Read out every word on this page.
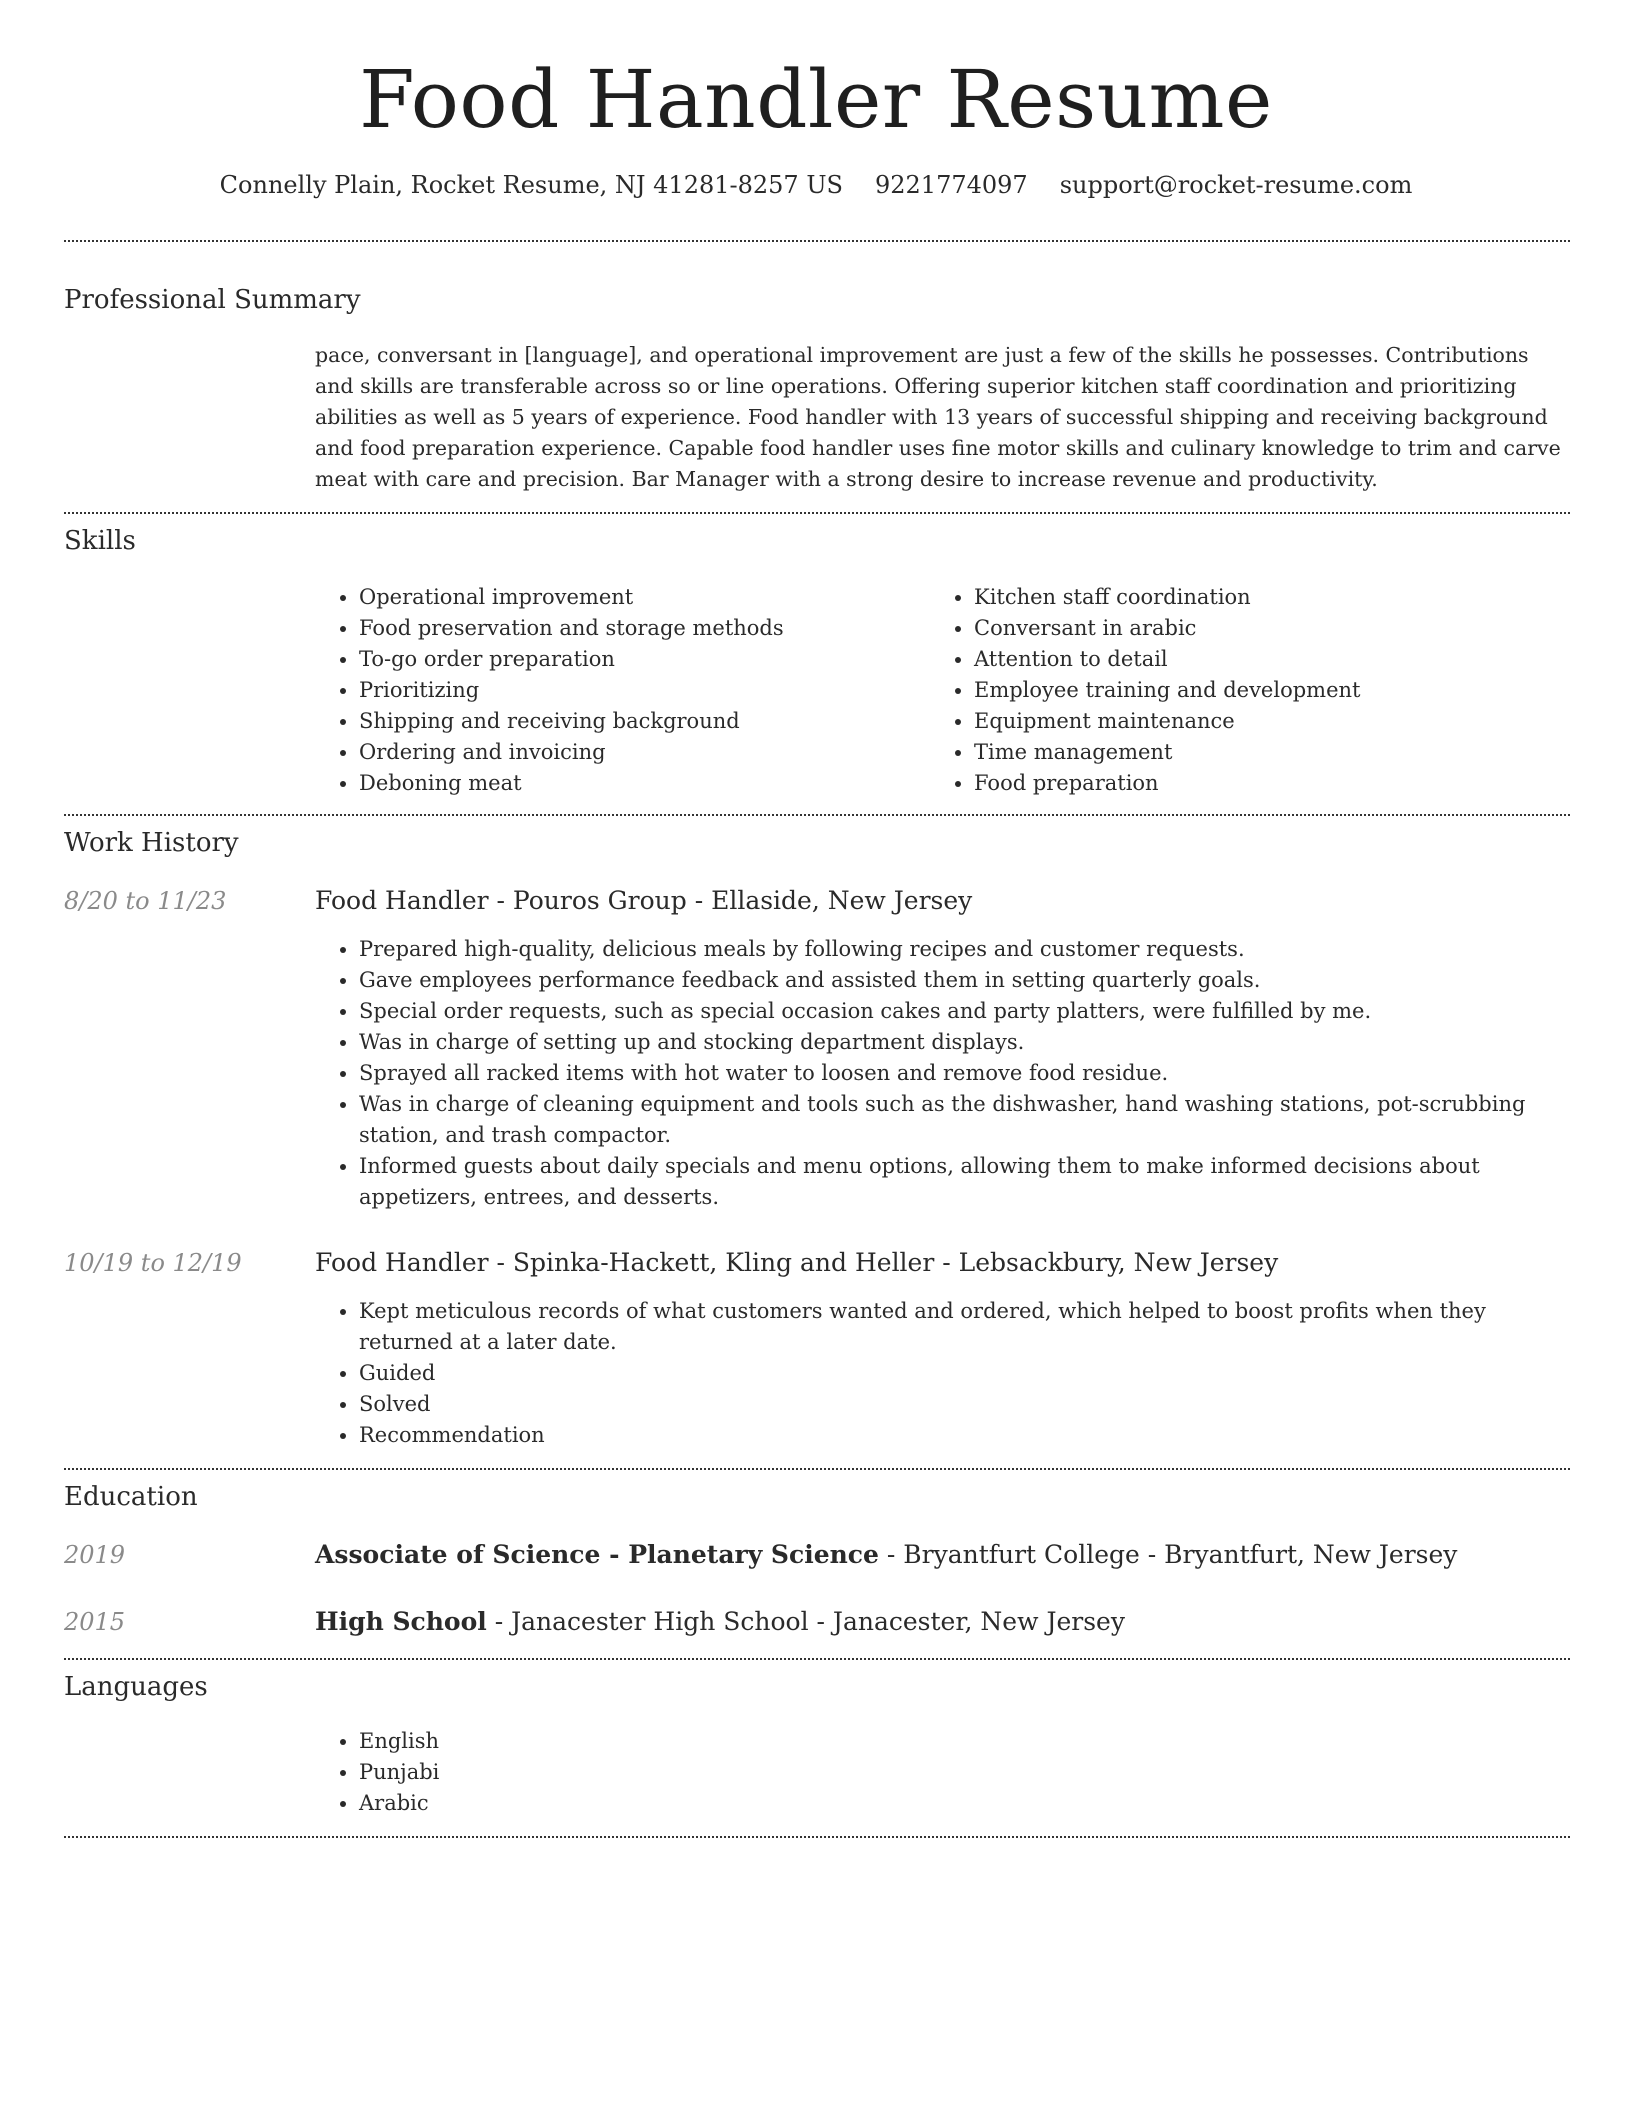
Food Handler Resume
Connelly Plain, Rocket Resume, NJ 41281-8257 US 9221774097 support@rocket-resume.com
Professional Summary

pace, conversant in [language], and operational improvement are just a few of the skills he possesses. Contributions and skills are transferable across so or line operations. Offering superior kitchen staff coordination and prioritizing abilities as well as 5 years of experience. Food handler with 13 years of successful shipping and receiving background and food preparation experience. Capable food handler uses fine motor skills and culinary knowledge to trim and carve meat with care and precision. Bar Manager with a strong desire to increase revenue and productivity.

Skills
• Operational improvement
• Food preservation and storage methods
• To-go order preparation
• Prioritizing
• Shipping and receiving background
• Ordering and invoicing
• Deboning meat
• Kitchen staff coordination
• Conversant in arabic
• Attention to detail
• Employee training and development
• Equipment maintenance
• Time management
• Food preparation
Work History
8/20 to 11/23	Food Handler - Pouros Group - Ellaside, New Jersey
• Prepared high-quality, delicious meals by following recipes and customer requests.
• Gave employees performance feedback and assisted them in setting quarterly goals.
• Special order requests, such as special occasion cakes and party platters, were fulfilled by me.
• Was in charge of setting up and stocking department displays.
• Sprayed all racked items with hot water to loosen and remove food residue.
• Was in charge of cleaning equipment and tools such as the dishwasher, hand washing stations, pot-scrubbing station, and trash compactor.
• Informed guests about daily specials and menu options, allowing them to make informed decisions about appetizers, entrees, and desserts.
10/19 to 12/19	Food Handler - Spinka-Hackett, Kling and Heller - Lebsackbury, New Jersey
• Kept meticulous records of what customers wanted and ordered, which helped to boost profits when they returned at a later date.
• Guided
• Solved
• Recommendation
Education
2019	Associate of Science - Planetary Science - Bryantfurt College - Bryantfurt, New Jersey
2015	High School - Janacester High School - Janacester, New Jersey
Languages
• English
• Punjabi
• Arabic
